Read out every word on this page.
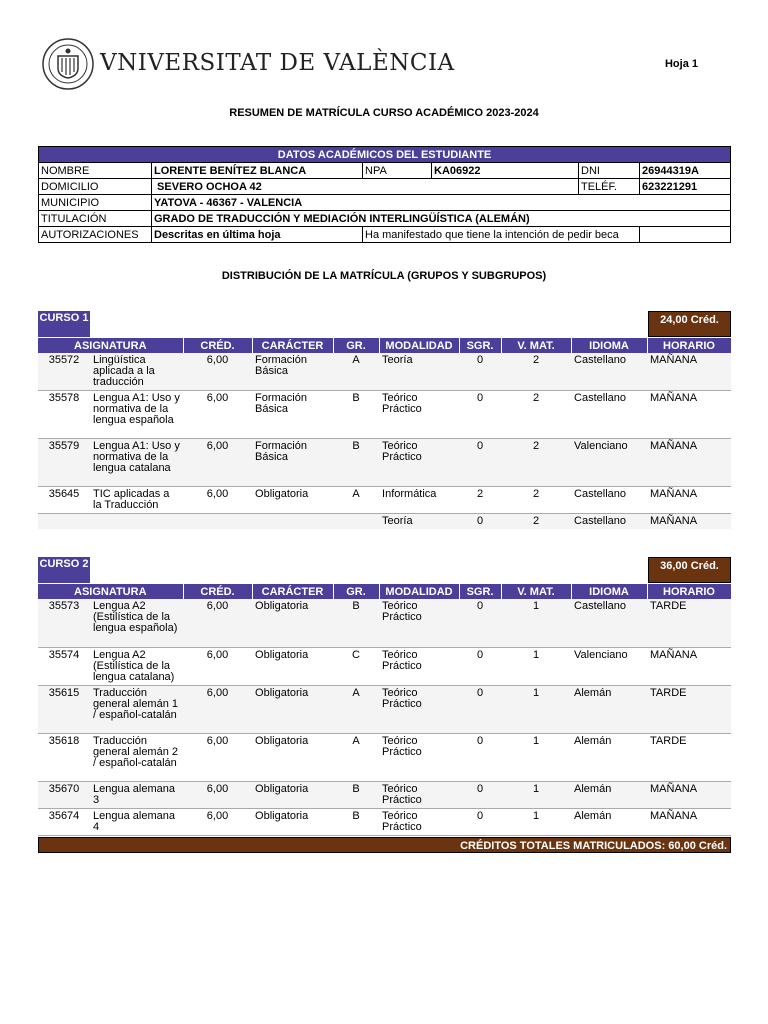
VNIVERSITAT DE VALÈNCIA	Hoja 1
RESUMEN DE MATRÍCULA CURSO ACADÉMICO 2023-2024
DATOS ACADÉMICOS DEL ESTUDIANTE					
NOMBRE	LORENTE BENÍTEZ BLANCA	NPA	KA06922	DNI	26944319A
DOMICILIO	SEVERO OCHOA 42			TELÉF.	623221291
MUNICIPIO	YATOVA - 46367 - VALENCIA				
TITULACIÓN	GRADO DE TRADUCCIÓN Y MEDIACIÓN INTERLINGÜÍSTICA (ALEMÁN)				
AUTORIZACIONES	Descritas en última hoja	Ha manifestado que tiene la intención de pedir beca			
DISTRIBUCIÓN DE LA MATRÍCULA (GRUPOS Y SUBGRUPOS)
CURSO 1	24,00 Créd.
ASIGNATURA		CRÉD.	CARÁCTER	GR.	MODALIDAD	SGR.	V. MAT.	IDIOMA	HORARIO
35572	Lingüística aplicada a la traducción	6,00	Formación Básica	A	Teoría	0	2	Castellano	MAÑANA
35578	Lengua A1: Uso y normativa de la lengua española	6,00	Formación Básica	B	Teórico Práctico	0	2	Castellano	MAÑANA
35579	Lengua A1: Uso y normativa de la lengua catalana	6,00	Formación Básica	B	Teórico Práctico	0	2	Valenciano	MAÑANA
35645	TIC aplicadas a la Traducción	6,00	Obligatoria	A	Informática	2	2	Castellano	MAÑANA
					Teoría	0	2	Castellano	MAÑANA
CURSO 2	36,00 Créd.
ASIGNATURA		CRÉD.	CARÁCTER	GR.	MODALIDAD	SGR.	V. MAT.	IDIOMA	HORARIO
35573	Lengua A2 (Estilística de la lengua española)	6,00	Obligatoria	B	Teórico Práctico	0	1	Castellano	TARDE
35574	Lengua A2 (Estilística de la lengua catalana)	6,00	Obligatoria	C	Teórico Práctico	0	1	Valenciano	MAÑANA
35615	Traducción general alemán 1 / español-catalán	6,00	Obligatoria	A	Teórico Práctico	0	1	Alemán	TARDE
35618	Traducción general alemán 2 / español-catalán	6,00	Obligatoria	A	Teórico Práctico	0	1	Alemán	TARDE
35670	Lengua alemana 3	6,00	Obligatoria	B	Teórico Práctico	0	1	Alemán	MAÑANA
35674	Lengua alemana 4	6,00	Obligatoria	B	Teórico Práctico	0	1	Alemán	MAÑANA
CRÉDITOS TOTALES MATRICULADOS: 60,00 Créd.
